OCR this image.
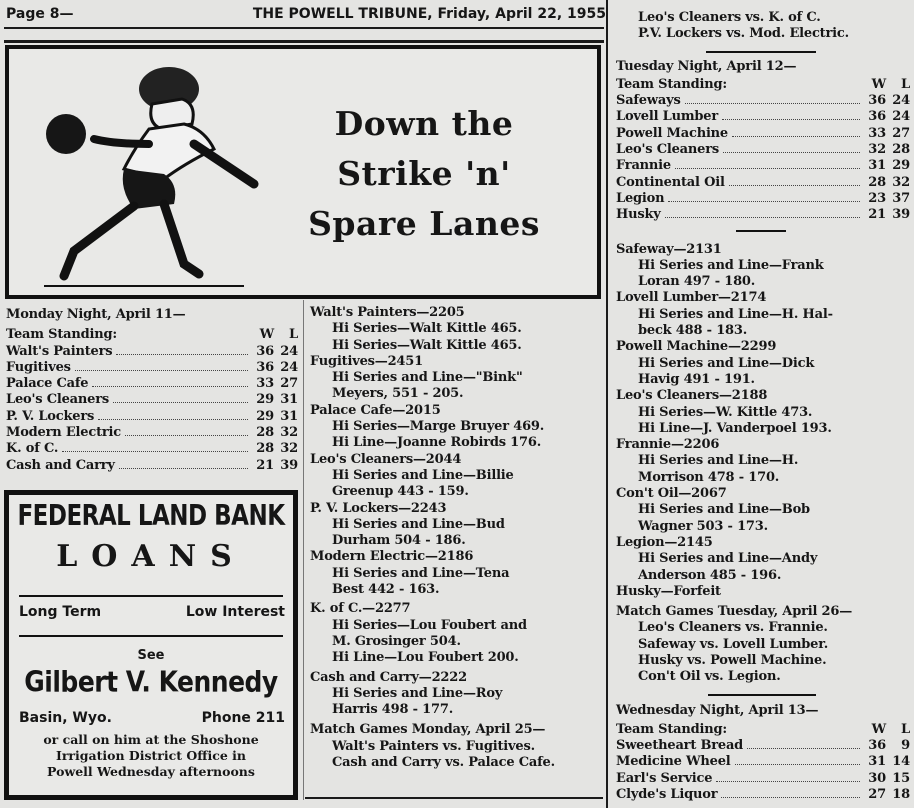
Page 8—	THE POWELL TRIBUNE, Friday, April 22, 1955
Down the
Strike 'n'
Spare Lanes
Monday Night, April 11—
Team Standing:	W	L
Walt's Painters	36 24
Fugitives	36 24
Palace Cafe	33 27
Leo's Cleaners	29 31
P. V. Lockers	29 31
Modern Electric	28 32
K. of C.	28 32
Cash and Carry	21 39
FEDERAL LAND BANK
LOANS
Long Term	Low Interest
See
Gilbert V. Kennedy
Basin, Wyo.	Phone 211
or call on him at the Shoshone
Irrigation District Office in
Powell Wednesday afternoons
Walt's Painters—2205
Hi Series—Walt Kittle 465.
Hi Series—Walt Kittle 465.
Fugitives—2451
Hi Series and Line—"Bink"
Meyers, 551 - 205.
Palace Cafe—2015
Hi Series—Marge Bruyer 469.
Hi Line—Joanne Robirds 176.
Leo's Cleaners—2044
Hi Series and Line—Billie
Greenup 443 - 159.
P. V. Lockers—2243
Hi Series and Line—Bud
Durham 504 - 186.
Modern Electric—2186
Hi Series and Line—Tena
Best 442 - 163.
K. of C.—2277
Hi Series—Lou Foubert and
M. Grosinger 504.
Hi Line—Lou Foubert 200.
Cash and Carry—2222
Hi Series and Line—Roy
Harris 498 - 177.
Match Games Monday, April 25—
Walt's Painters vs. Fugitives.
Cash and Carry vs. Palace Cafe.
Leo's Cleaners vs. K. of C.
P.V. Lockers vs. Mod. Electric.
Tuesday Night, April 12—
Team Standing:	W	L
Safeways	36 24
Lovell Lumber	36 24
Powell Machine	33 27
Leo's Cleaners	32 28
Frannie	31 29
Continental Oil	28 32
Legion	23 37
Husky	21 39
Safeway—2131
Hi Series and Line—Frank
Loran 497 - 180.
Lovell Lumber—2174
Hi Series and Line—H. Hal-
beck 488 - 183.
Powell Machine—2299
Hi Series and Line—Dick
Havig 491 - 191.
Leo's Cleaners—2188
Hi Series—W. Kittle 473.
Hi Line—J. Vanderpoel 193.
Frannie—2206
Hi Series and Line—H.
Morrison 478 - 170.
Con't Oil—2067
Hi Series and Line—Bob
Wagner 503 - 173.
Legion—2145
Hi Series and Line—Andy
Anderson 485 - 196.
Husky—Forfeit
Match Games Tuesday, April 26—
Leo's Cleaners vs. Frannie.
Safeway vs. Lovell Lumber.
Husky vs. Powell Machine.
Con't Oil vs. Legion.
Wednesday Night, April 13—
Team Standing:	W	L
Sweetheart Bread	36	9
Medicine Wheel	31 14
Earl's Service	30 15
Clyde's Liquor	27 18
